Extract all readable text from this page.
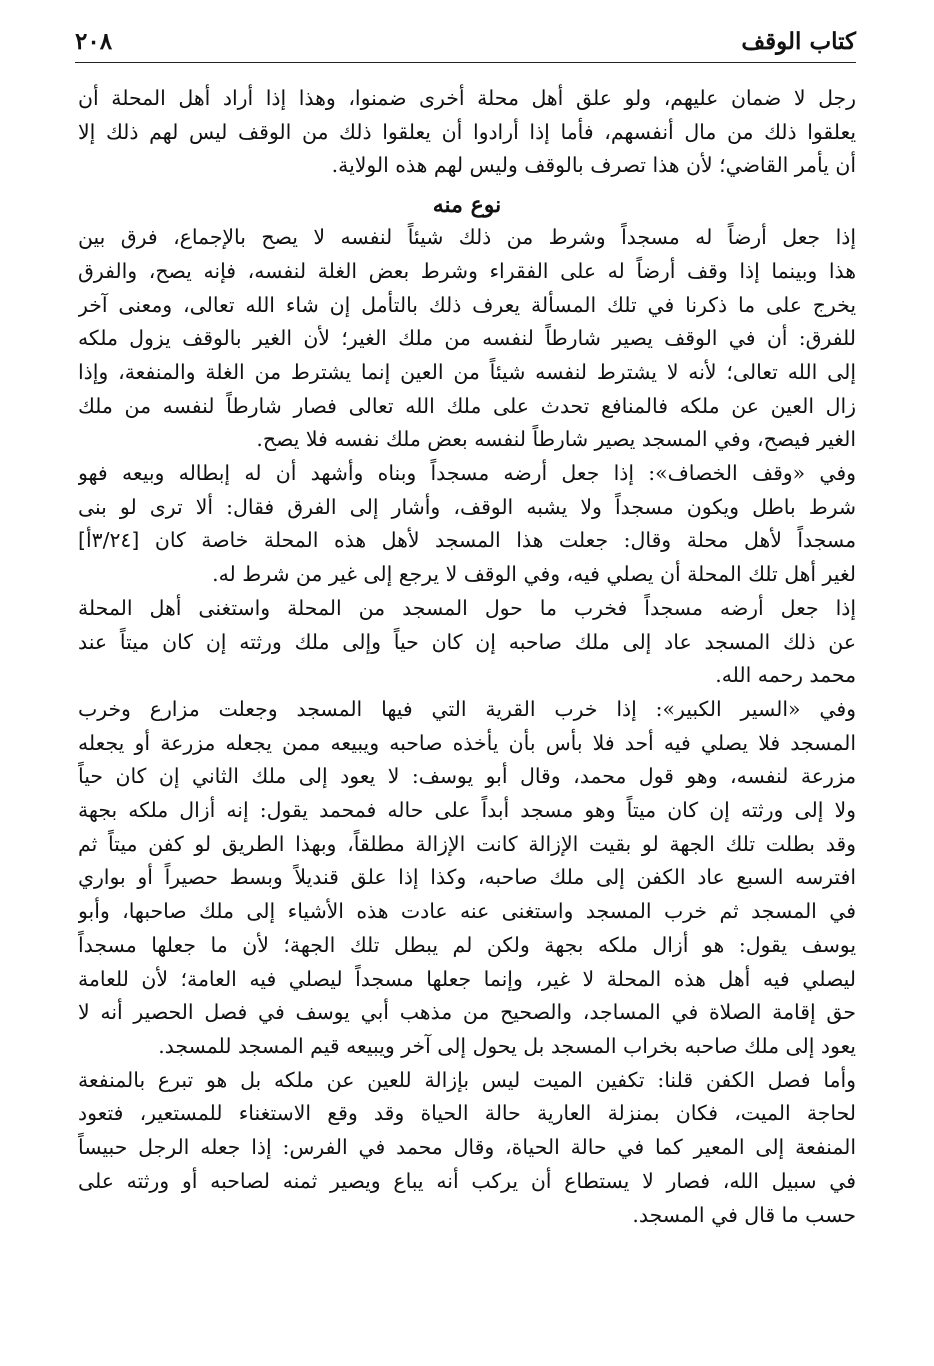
كتاب الوقف
٢٠٨
رجل لا ضمان عليهم، ولو علق أهل محلة أخرى ضمنوا، وهذا إذا أراد أهل المحلة أن
يعلقوا ذلك من مال أنفسهم، فأما إذا أرادوا أن يعلقوا ذلك من الوقف ليس لهم ذلك إلا
أن يأمر القاضي؛ لأن هذا تصرف بالوقف وليس لهم هذه الولاية.
نوع منه
إذا جعل أرضاً له مسجداً وشرط من ذلك شيئاً لنفسه لا يصح بالإجماع، فرق بين
هذا وبينما إذا وقف أرضاً له على الفقراء وشرط بعض الغلة لنفسه، فإنه يصح، والفرق
يخرج على ما ذكرنا في تلك المسألة يعرف ذلك بالتأمل إن شاء الله تعالى، ومعنى آخر
للفرق: أن في الوقف يصير شارطاً لنفسه من ملك الغير؛ لأن الغير بالوقف يزول ملكه
إلى الله تعالى؛ لأنه لا يشترط لنفسه شيئاً من العين إنما يشترط من الغلة والمنفعة، وإذا
زال العين عن ملكه فالمنافع تحدث على ملك الله تعالى فصار شارطاً لنفسه من ملك
الغير فيصح، وفي المسجد يصير شارطاً لنفسه بعض ملك نفسه فلا يصح.
وفي «وقف الخصاف»: إذا جعل أرضه مسجداً وبناه وأشهد أن له إبطاله وبيعه فهو
شرط باطل ويكون مسجداً ولا يشبه الوقف، وأشار إلى الفرق فقال: ألا ترى لو بنى
مسجداً لأهل محلة وقال: جعلت هذا المسجد لأهل هذه المحلة خاصة كان [٣/٢٤أ]
لغير أهل تلك المحلة أن يصلي فيه، وفي الوقف لا يرجع إلى غير من شرط له.
إذا جعل أرضه مسجداً فخرب ما حول المسجد من المحلة واستغنى أهل المحلة
عن ذلك المسجد عاد إلى ملك صاحبه إن كان حياً وإلى ملك ورثته إن كان ميتاً عند
محمد رحمه الله.
وفي «السير الكبير»: إذا خرب القرية التي فيها المسجد وجعلت مزارع وخرب
المسجد فلا يصلي فيه أحد فلا بأس بأن يأخذه صاحبه ويبيعه ممن يجعله مزرعة أو يجعله
مزرعة لنفسه، وهو قول محمد، وقال أبو يوسف: لا يعود إلى ملك الثاني إن كان حياً
ولا إلى ورثته إن كان ميتاً وهو مسجد أبداً على حاله فمحمد يقول: إنه أزال ملكه بجهة
وقد بطلت تلك الجهة لو بقيت الإزالة كانت الإزالة مطلقاً، وبهذا الطريق لو كفن ميتاً ثم
افترسه السبع عاد الكفن إلى ملك صاحبه، وكذا إذا علق قنديلاً وبسط حصيراً أو بواري
في المسجد ثم خرب المسجد واستغنى عنه عادت هذه الأشياء إلى ملك صاحبها، وأبو
يوسف يقول: هو أزال ملكه بجهة ولكن لم يبطل تلك الجهة؛ لأن ما جعلها مسجداً
ليصلي فيه أهل هذه المحلة لا غير، وإنما جعلها مسجداً ليصلي فيه العامة؛ لأن للعامة
حق إقامة الصلاة في المساجد، والصحيح من مذهب أبي يوسف في فصل الحصير أنه لا
يعود إلى ملك صاحبه بخراب المسجد بل يحول إلى آخر ويبيعه قيم المسجد للمسجد.
وأما فصل الكفن قلنا: تكفين الميت ليس بإزالة للعين عن ملكه بل هو تبرع بالمنفعة
لحاجة الميت، فكان بمنزلة العارية حالة الحياة وقد وقع الاستغناء للمستعير، فتعود
المنفعة إلى المعير كما في حالة الحياة، وقال محمد في الفرس: إذا جعله الرجل حبيساً
في سبيل الله، فصار لا يستطاع أن يركب أنه يباع ويصير ثمنه لصاحبه أو ورثته على
حسب ما قال في المسجد.
